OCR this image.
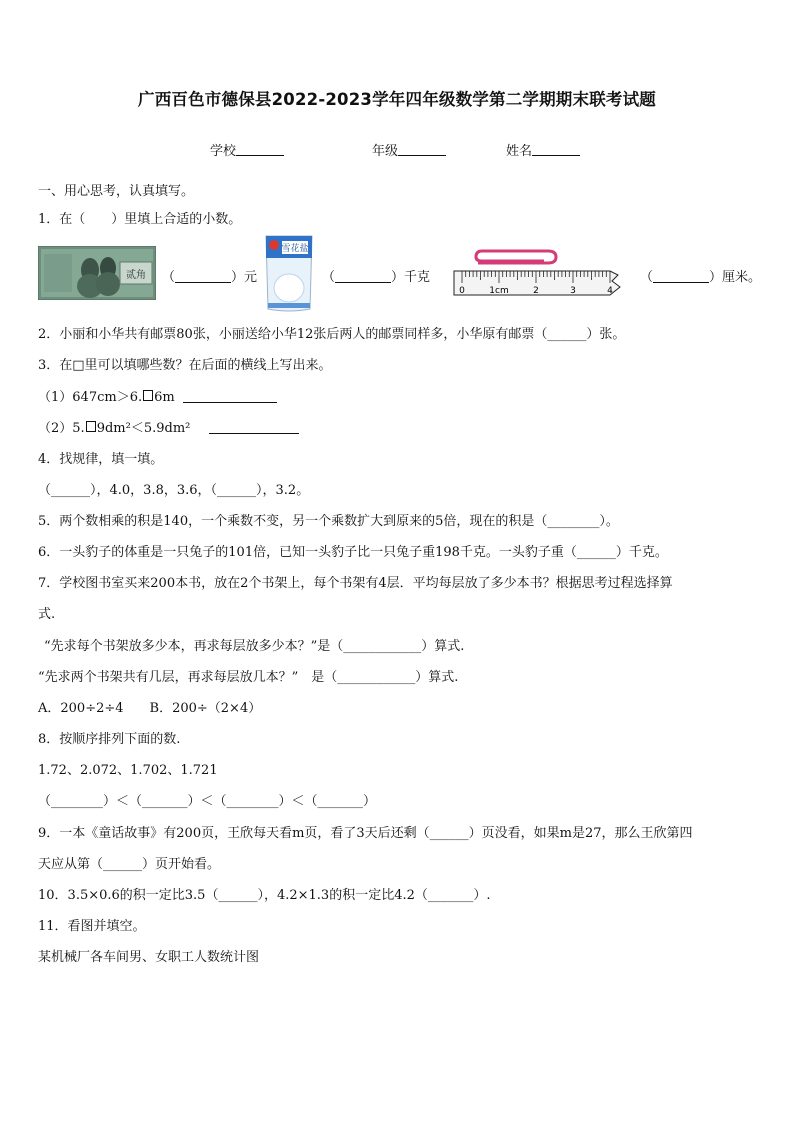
广西百色市德保县2022-2023学年四年级数学第二学期期末联考试题
学校	年级	姓名
一、用心思考，认真填写。
1．在（　　）里填上合适的小数。
贰角 （	）元
雪花盐
（	）千克
0	1cm	2	3	4
（	）厘米。
2．小丽和小华共有邮票80张，小丽送给小华12张后两人的邮票同样多，小华原有邮票（______）张。
3．在□里可以填哪些数？在后面的横线上写出来。
（1）647cm＞6. 6m
（2）5. 9dm²＜5.9dm²
4．找规律，填一填。
（______），4.0，3.8，3.6，（______），3.2。
5．两个数相乘的积是140，一个乘数不变，另一个乘数扩大到原来的5倍，现在的积是（________）。
6．一头豹子的体重是一只兔子的101倍，已知一头豹子比一只兔子重198千克。一头豹子重（______）千克。
7．学校图书室买来200本书，放在2个书架上，每个书架有4层．平均每层放了多少本书？根据思考过程选择算
式.
“先求每个书架放多少本，再求每层放多少本？”是（____________）算式.
“先求两个书架共有几层，再求每层放几本？”　是（____________）算式.
A．200÷2÷4　　B．200÷（2×4）
8．按顺序排列下面的数.
1.72、2.072、1.702、1.721
（________）＜（_______）＜（________）＜（_______）
9．一本《童话故事》有200页，王欣每天看m页，看了3天后还剩（______）页没看，如果m是27，那么王欣第四
天应从第（______）页开始看。
10．3.5×0.6的积一定比3.5（______），4.2×1.3的积一定比4.2（_______）.
11．看图并填空。
某机械厂各车间男、女职工人数统计图
